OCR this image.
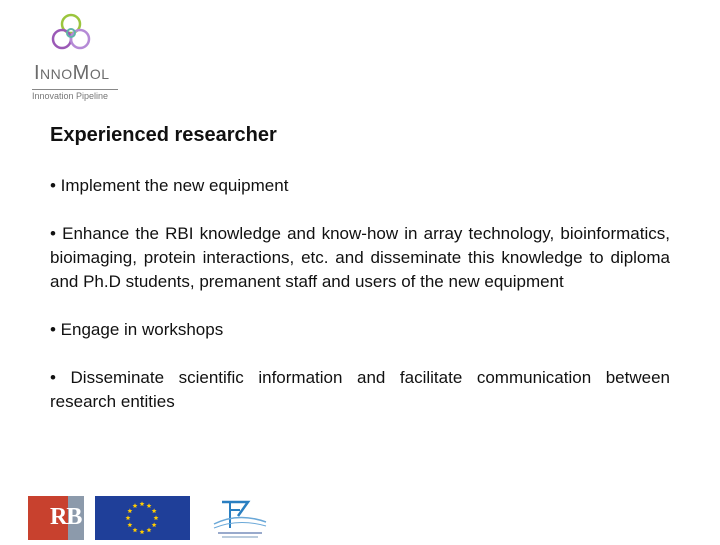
InnoMol
Innovation Pipeline
Experienced researcher
• Implement the new equipment
• Enhance the RBI knowledge and know-how in array technology, bioinformatics, bioimaging, protein interactions, etc. and disseminate this knowledge to diploma and Ph.D students, premanent staff and users of the new equipment
• Engage in workshops
• Disseminate scientific information and facilitate communication between research entities
RB
